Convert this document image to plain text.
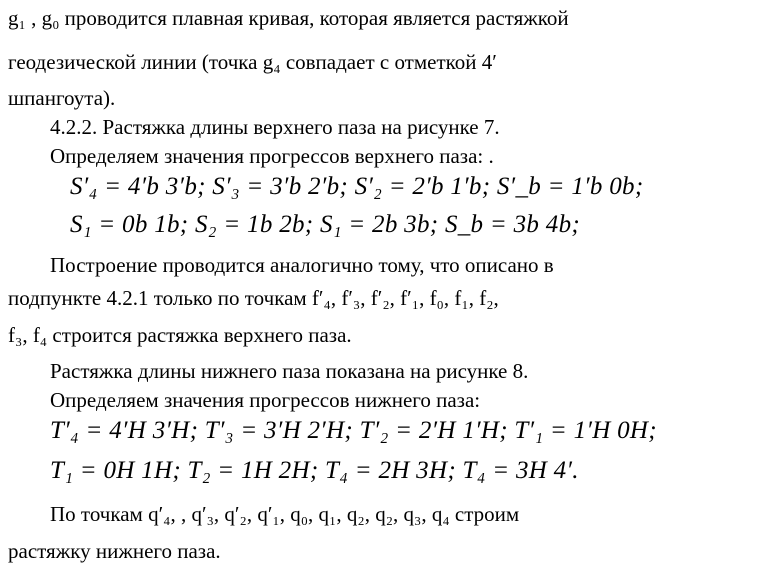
g₁ , g₀ проводится плавная кривая, которая является растяжкой
геодезической линии (точка g₄ совпадает с отметкой 4′
шпангоута).
4.2.2. Растяжка длины верхнего паза на рисунке 7.
Определяем значения прогрессов верхнего паза: .
S′₄ = 4′b 3′b; S′₃ = 3′b 2′b; S′₂ = 2′b 1′b; S′_b = 1′b 0b;
S₁ = 0b 1b; S₂ = 1b 2b; S₁ = 2b 3b; S_b = 3b 4b;
Построение проводится аналогично тому, что описано в
подпункте 4.2.1 только по точкам f′₄, f′₃, f′₂, f′₁, f₀, f₁, f₂,
f₃, f₄ строится растяжка верхнего паза.
Растяжка длины нижнего паза показана на рисунке 8.
Определяем значения прогрессов нижнего паза:
T′₄ = 4′Н 3′Н; T′₃ = 3′Н 2′Н; T′₂ = 2′Н 1′Н; T′₁ = 1′Н 0Н;
T₁ = 0Н 1Н; T₂ = 1Н 2Н; T₄ = 2Н 3Н; T₄ = 3Н 4′.
По точкам q′₄, , q′₃, q′₂, q′₁, q₀, q₁, q₂, q₂, q₃, q₄ строим
растяжку нижнего паза.
